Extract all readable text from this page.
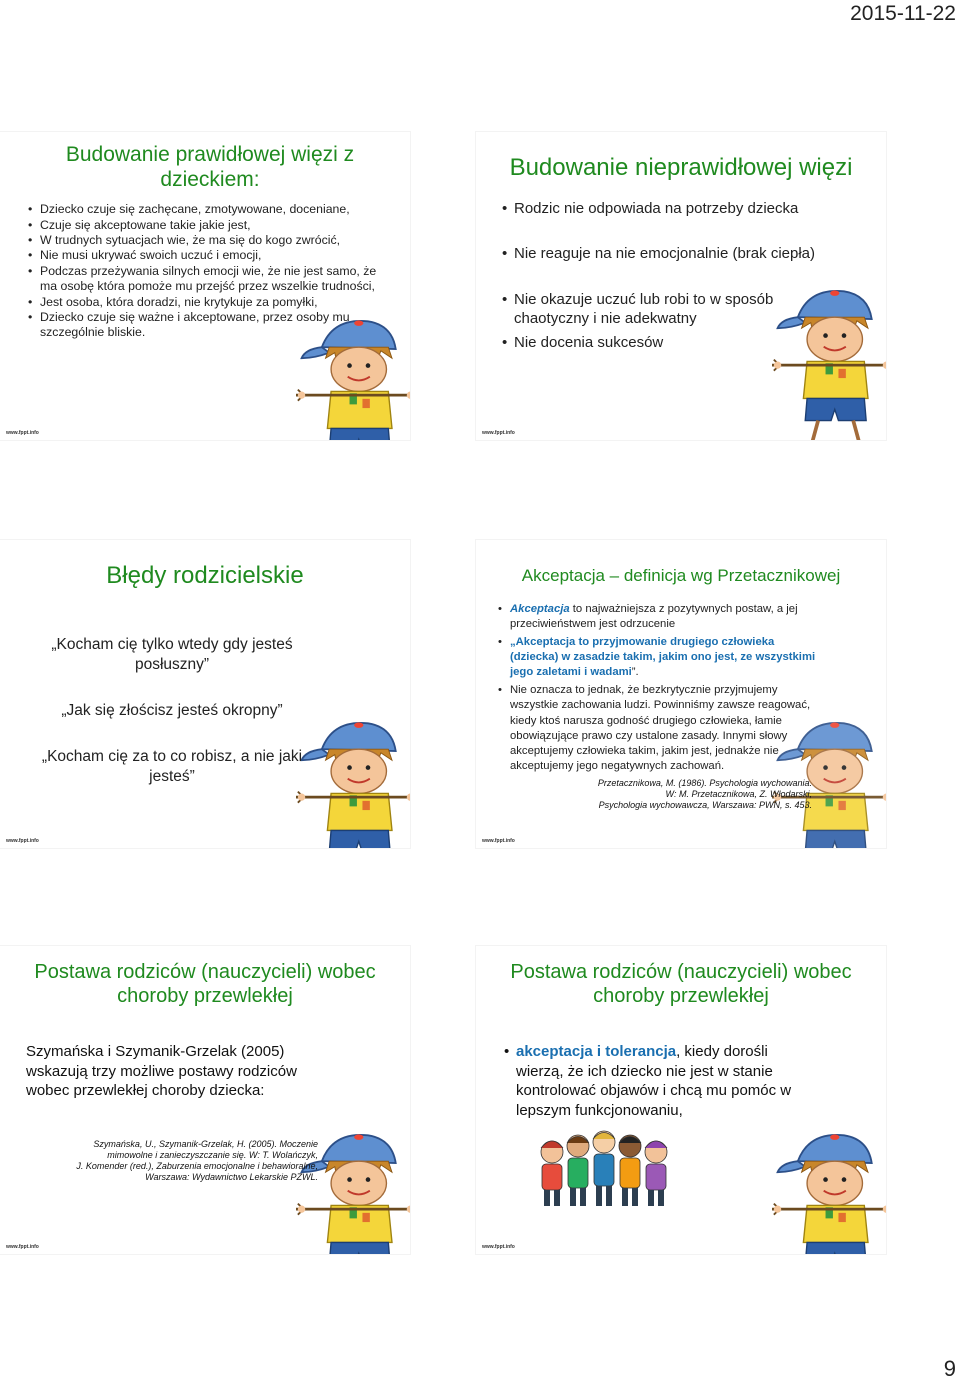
2015-11-22
Budowanie prawidłowej więzi z dzieckiem:
• Dziecko czuje się zachęcane, zmotywowane, doceniane,
• Czuje się akceptowane takie jakie jest,
• W trudnych sytuacjach wie, że ma się do kogo zwrócić,
• Nie musi ukrywać swoich uczuć i emocji,
• Podczas przeżywania silnych emocji wie, że nie jest samo, że ma osobę która pomoże mu przejść przez wszelkie trudności,
• Jest osoba, która doradzi, nie krytykuje za pomyłki,
• Dziecko czuje się ważne i akceptowane, przez osoby mu szczególnie bliskie.
www.fppt.info
Budowanie nieprawidłowej więzi
• Rodzic nie odpowiada na potrzeby dziecka
• Nie reaguje na nie emocjonalnie (brak ciepła)
• Nie okazuje uczuć lub robi to w sposób chaotyczny i nie adekwatny
• Nie docenia sukcesów
www.fppt.info
Błędy rodzicielskie
„Kocham cię tylko wtedy gdy jesteś posłuszny”
„Jak się złościsz jesteś okropny”
„Kocham cię za to co robisz, a nie jaki jesteś”
www.fppt.info
Akceptacja – definicja wg Przetacznikowej
• Akceptacja to najważniejsza z pozytywnych postaw, a jej przeciwieństwem jest odrzucenie
• „Akceptacja to przyjmowanie drugiego człowieka (dziecka) w zasadzie takim, jakim ono jest, ze wszystkimi jego zaletami i wadami”.
• Nie oznacza to jednak, że bezkrytycznie przyjmujemy wszystkie zachowania ludzi. Powinniśmy zawsze reagować, kiedy ktoś narusza godność drugiego człowieka, łamie obowiązujące prawo czy ustalone zasady. Innymi słowy akceptujemy człowieka takim, jakim jest, jednakże nie akceptujemy jego negatywnych zachowań.
Przetacznikowa, M. (1986). Psychologia wychowania.
W: M. Przetacznikowa, Z. Włodarski,
Psychologia wychowawcza, Warszawa: PWN, s. 453.
www.fppt.info
Postawa rodziców (nauczycieli) wobec choroby przewlekłej
Szymańska i Szymanik-Grzelak (2005) wskazują trzy możliwe postawy rodziców wobec przewlekłej choroby dziecka:
Szymańska, U., Szymanik-Grzelak, H. (2005). Moczenie
mimowolne i zanieczyszczanie się. W: T. Wolańczyk,
J. Komender (red.), Zaburzenia emocjonalne i behawioralne,
Warszawa: Wydawnictwo Lekarskie PZWL.
www.fppt.info
Postawa rodziców (nauczycieli) wobec choroby przewlekłej
• akceptacja i tolerancja, kiedy dorośli wierzą, że ich dziecko nie jest w stanie kontrolować objawów i chcą mu pomóc w lepszym funkcjonowaniu,
www.fppt.info
9
